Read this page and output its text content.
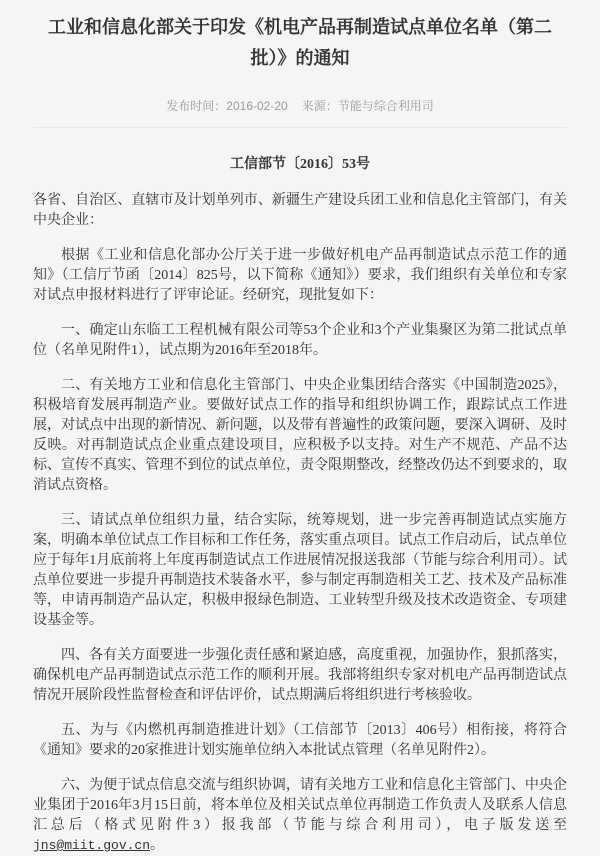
工业和信息化部关于印发《机电产品再制造试点单位名单（第二批）》的通知
发布时间：2016-02-20 来源：节能与综合利用司
工信部节〔2016〕53号
各省、自治区、直辖市及计划单列市、新疆生产建设兵团工业和信息化主管部门，有关中央企业：

根据《工业和信息化部办公厅关于进一步做好机电产品再制造试点示范工作的通知》（工信厅节函〔2014〕825号，以下简称《通知》）要求，我们组织有关单位和专家对试点申报材料进行了评审论证。经研究，现批复如下：

一、确定山东临工工程机械有限公司等53个企业和3个产业集聚区为第二批试点单位（名单见附件1），试点期为2016年至2018年。

二、有关地方工业和信息化主管部门、中央企业集团结合落实《中国制造2025》，积极培育发展再制造产业。要做好试点工作的指导和组织协调工作，跟踪试点工作进展，对试点中出现的新情况、新问题，以及带有普遍性的政策问题，要深入调研、及时反映。对再制造试点企业重点建设项目，应积极予以支持。对生产不规范、产品不达标、宣传不真实、管理不到位的试点单位，责令限期整改，经整改仍达不到要求的，取消试点资格。

三、请试点单位组织力量，结合实际，统筹规划，进一步完善再制造试点实施方案，明确本单位试点工作目标和工作任务，落实重点项目。试点工作启动后，试点单位应于每年1月底前将上年度再制造试点工作进展情况报送我部（节能与综合利用司）。试点单位要进一步提升再制造技术装备水平，参与制定再制造相关工艺、技术及产品标准等，申请再制造产品认定，积极申报绿色制造、工业转型升级及技术改造资金、专项建设基金等。

四、各有关方面要进一步强化责任感和紧迫感，高度重视，加强协作，狠抓落实，确保机电产品再制造试点示范工作的顺利开展。我部将组织专家对机电产品再制造试点情况开展阶段性监督检查和评估评价，试点期满后将组织进行考核验收。

五、为与《内燃机再制造推进计划》（工信部节〔2013〕406号）相衔接，将符合《通知》要求的20家推进计划实施单位纳入本批试点管理（名单见附件2）。

六、为便于试点信息交流与组织协调，请有关地方工业和信息化主管部门、中央企业集团于2016年3月15日前，将本单位及相关试点单位再制造工作负责人及联系人信息汇总后（格式见附件3）报我部（节能与综合利用司），电子版发送至jns@miit.gov.cn。
